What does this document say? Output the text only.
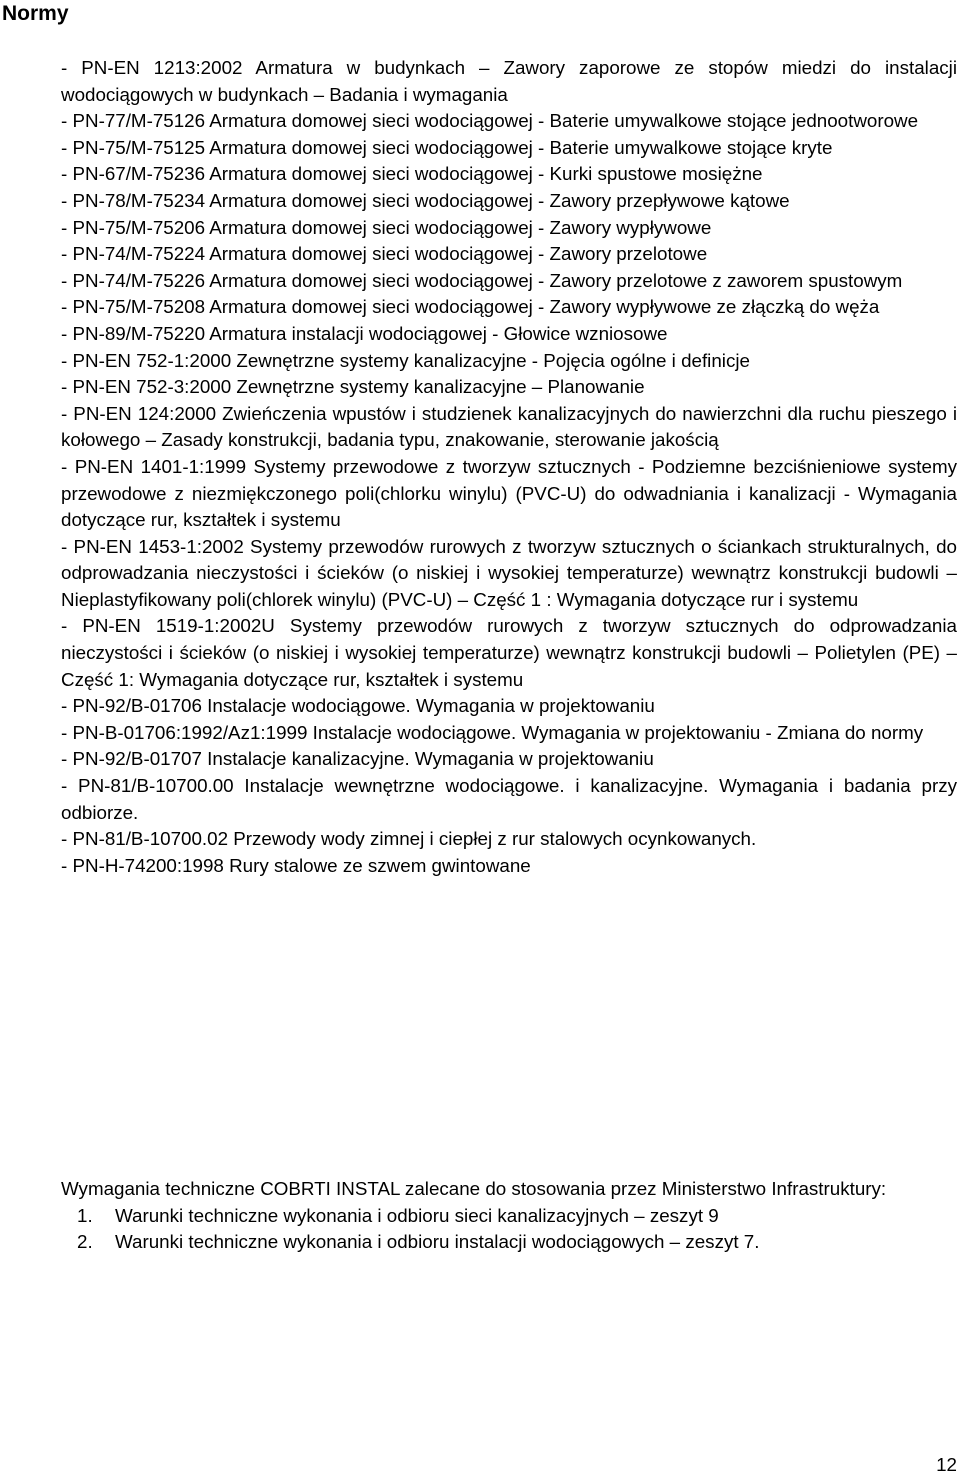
Normy
- PN-EN 1213:2002 Armatura w budynkach – Zawory zaporowe ze stopów miedzi do instalacji wodociągowych w budynkach – Badania i wymagania
- PN-77/M-75126 Armatura domowej sieci wodociągowej - Baterie umywalkowe stojące jednootworowe
- PN-75/M-75125 Armatura domowej sieci wodociągowej - Baterie umywalkowe stojące kryte
- PN-67/M-75236 Armatura domowej sieci wodociągowej - Kurki spustowe mosiężne
- PN-78/M-75234 Armatura domowej sieci wodociągowej - Zawory przepływowe kątowe
- PN-75/M-75206 Armatura domowej sieci wodociągowej - Zawory wypływowe
- PN-74/M-75224 Armatura domowej sieci wodociągowej - Zawory przelotowe
- PN-74/M-75226 Armatura domowej sieci wodociągowej - Zawory przelotowe z zaworem spustowym
- PN-75/M-75208 Armatura domowej sieci wodociągowej - Zawory wypływowe ze złączką do węża
- PN-89/M-75220 Armatura instalacji wodociągowej - Głowice wzniosowe
- PN-EN 752-1:2000 Zewnętrzne systemy kanalizacyjne - Pojęcia ogólne i definicje
- PN-EN 752-3:2000 Zewnętrzne systemy kanalizacyjne – Planowanie
- PN-EN 124:2000 Zwieńczenia wpustów i studzienek kanalizacyjnych do nawierzchni dla ruchu pieszego i kołowego – Zasady konstrukcji, badania typu, znakowanie, sterowanie jakością
- PN-EN 1401-1:1999 Systemy przewodowe z tworzyw sztucznych - Podziemne bezciśnieniowe systemy przewodowe z niezmiękczonego poli(chlorku winylu) (PVC-U) do odwadniania i kanalizacji - Wymagania dotyczące rur, kształtek i systemu
- PN-EN 1453-1:2002 Systemy przewodów rurowych z tworzyw sztucznych o ściankach strukturalnych, do odprowadzania nieczystości i ścieków (o niskiej i wysokiej temperaturze) wewnątrz konstrukcji budowli – Nieplastyfikowany poli(chlorek winylu) (PVC-U) – Część 1 : Wymagania dotyczące rur i systemu
- PN-EN 1519-1:2002U Systemy przewodów rurowych z tworzyw sztucznych do odprowadzania nieczystości i ścieków (o niskiej i wysokiej temperaturze) wewnątrz konstrukcji budowli – Polietylen (PE) – Część 1: Wymagania dotyczące rur, kształtek i systemu
- PN-92/B-01706 Instalacje wodociągowe. Wymagania w projektowaniu
- PN-B-01706:1992/Az1:1999 Instalacje wodociągowe. Wymagania w projektowaniu - Zmiana do normy
- PN-92/B-01707 Instalacje kanalizacyjne. Wymagania w projektowaniu
- PN-81/B-10700.00 Instalacje wewnętrzne wodociągowe. i kanalizacyjne. Wymagania i badania przy odbiorze.
- PN-81/B-10700.02 Przewody wody zimnej i ciepłej z rur stalowych ocynkowanych.
- PN-H-74200:1998 Rury stalowe ze szwem gwintowane

Wymagania techniczne COBRTI INSTAL zalecane do stosowania przez Ministerstwo Infrastruktury:

1. Warunki techniczne wykonania i odbioru sieci kanalizacyjnych – zeszyt 9
2. Warunki techniczne wykonania i odbioru instalacji wodociągowych – zeszyt 7.
12
